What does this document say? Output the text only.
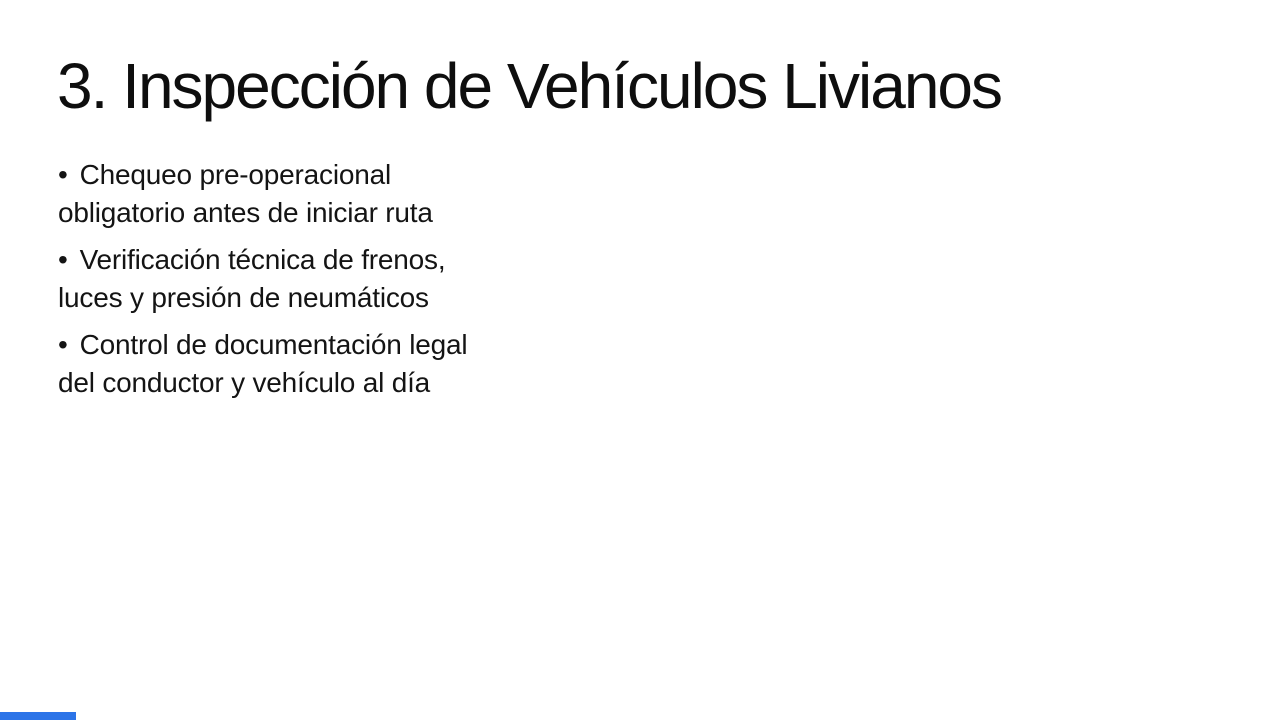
3. Inspección de Vehículos Livianos

• Chequeo pre-operacional
obligatorio antes de iniciar ruta

• Verificación técnica de frenos,
luces y presión de neumáticos

• Control de documentación legal
del conductor y vehículo al día
